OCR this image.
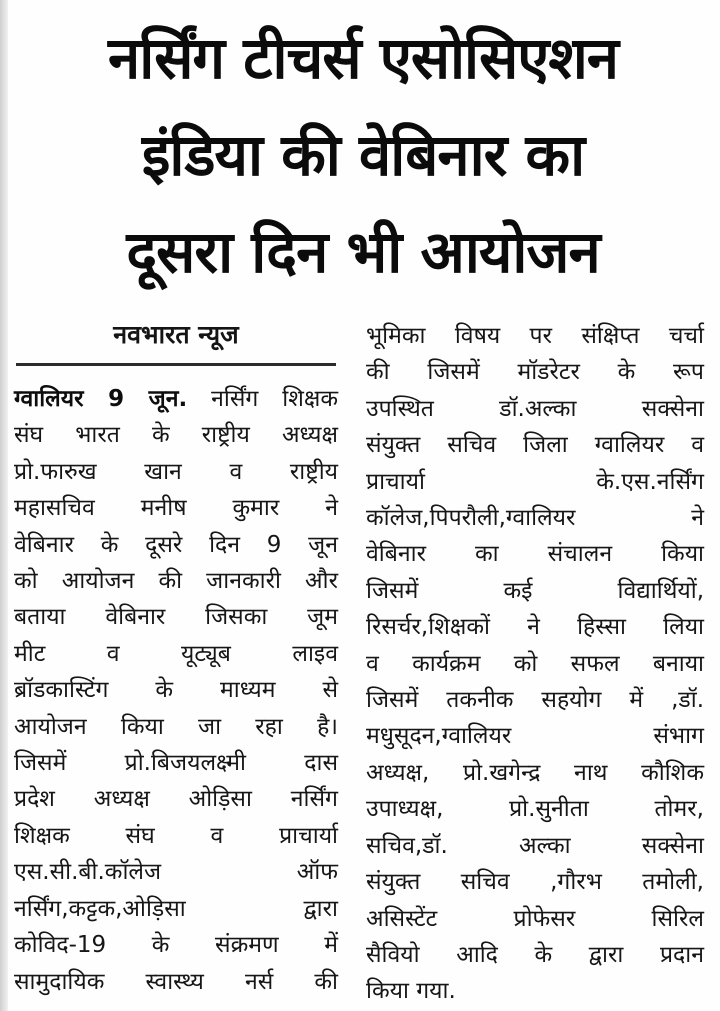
नर्सिंग टीचर्स एसोसिएशन
इंडिया की वेबिनार का
दूसरा दिन भी आयोजन
नवभारत न्यूज
ग्वालियर 9 जून. नर्सिंग शिक्षक
संघ भारत के राष्ट्रीय अध्यक्ष
प्रो.फारुख खान व राष्ट्रीय
महासचिव मनीष कुमार ने
वेबिनार के दूसरे दिन 9 जून
को आयोजन की जानकारी और
बताया वेबिनार जिसका जूम
मीट व यूट्यूब लाइव
ब्रॉडकास्टिंग के माध्यम से
आयोजन किया जा रहा है।
जिसमें प्रो.बिजयलक्ष्मी दास
प्रदेश अध्यक्ष ओड़िसा नर्सिंग
शिक्षक संघ व प्राचार्या
एस.सी.बी.कॉलेज ऑफ
नर्सिंग,कट्टक,ओड़िसा द्वारा
कोविद-19 के संक्रमण में
सामुदायिक स्वास्थ्य नर्स की
भूमिका विषय पर संक्षिप्त चर्चा
की जिसमें मॉडरेटर के रूप
उपस्थित डॉ.अल्का सक्सेना
संयुक्त सचिव जिला ग्वालियर व
प्राचार्या के.एस.नर्सिंग
कॉलेज,पिपरौली,ग्वालियर ने
वेबिनार का संचालन किया
जिसमें कई विद्यार्थियों,
रिसर्चर,शिक्षकों ने हिस्सा लिया
व कार्यक्रम को सफल बनाया
जिसमें तकनीक सहयोग में ,डॉ.
मधुसूदन,ग्वालियर संभाग
अध्यक्ष, प्रो.खगेन्द्र नाथ कौशिक
उपाध्यक्ष, प्रो.सुनीता तोमर,
सचिव,डॉ. अल्का सक्सेना
संयुक्त सचिव ,गौरभ तमोली,
असिस्टेंट प्रोफेसर सिरिल
सैवियो आदि के द्वारा प्रदान
किया गया.
